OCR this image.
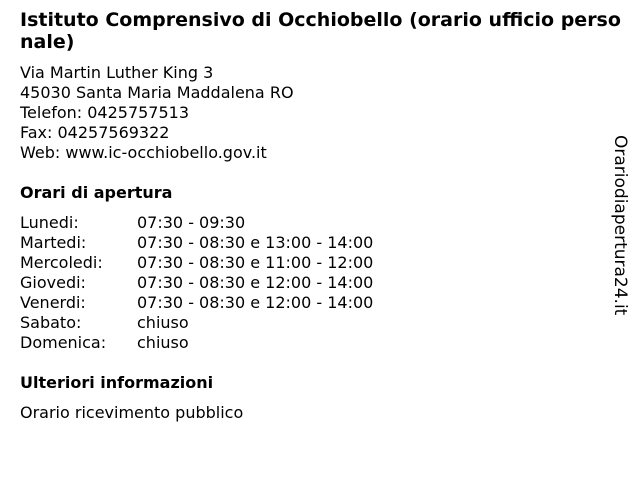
Istituto Comprensivo di Occhiobello (orario ufficio personale)
Via Martin Luther King 3
45030 Santa Maria Maddalena RO
Telefon: 0425757513
Fax: 04257569322
Web: www.ic-occhiobello.gov.it
Orari di apertura
Lunedi:	07:30 - 09:30
Martedi:	07:30 - 08:30 e 13:00 - 14:00
Mercoledi: 07:30 - 08:30 e 11:00 - 12:00
Giovedi:	07:30 - 08:30 e 12:00 - 14:00
Venerdi:	07:30 - 08:30 e 12:00 - 14:00
Sabato:	chiuso
Domenica: chiuso
Ulteriori informazioni
Orario ricevimento pubblico
Orariodiapertura24.it
